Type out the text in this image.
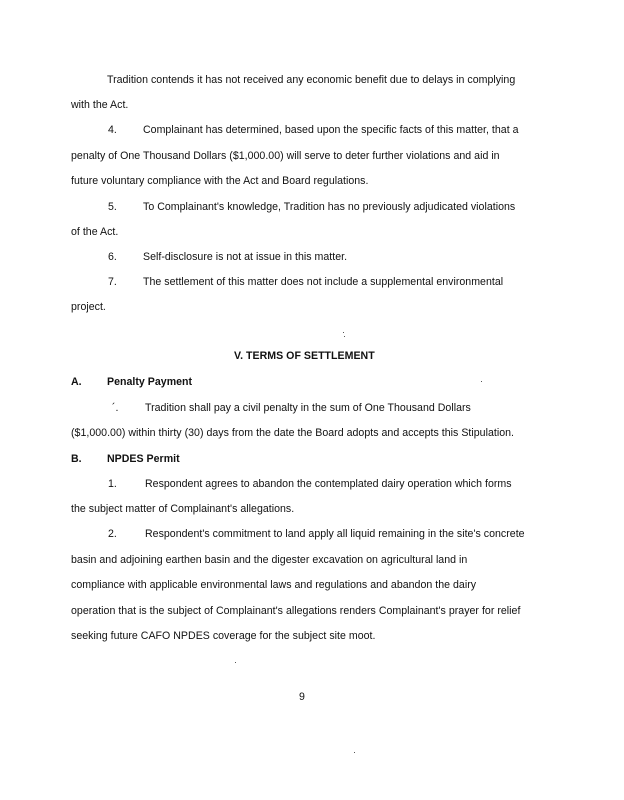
Tradition contends it has not received any economic benefit due to delays in complying
with the Act.
4. Complainant has determined, based upon the specific facts of this matter, that a
penalty of One Thousand Dollars ($1,000.00) will serve to deter further violations and aid in
future voluntary compliance with the Act and Board regulations.
5. To Complainant's knowledge, Tradition has no previously adjudicated violations
of the Act.
6. Self-disclosure is not at issue in this matter.
7. The settlement of this matter does not include a supplemental environmental
project.
V. TERMS OF SETTLEMENT
A. Penalty Payment
´.	Tradition shall pay a civil penalty in the sum of One Thousand Dollars
($1,000.00) within thirty (30) days from the date the Board adopts and accepts this Stipulation.
B. NPDES Permit
1.	Respondent agrees to abandon the contemplated dairy operation which forms
the subject matter of Complainant's allegations.
2.	Respondent's commitment to land apply all liquid remaining in the site's concrete
basin and adjoining earthen basin and the digester excavation on agricultural land in
compliance with applicable environmental laws and regulations and abandon the dairy
operation that is the subject of Complainant's allegations renders Complainant's prayer for relief
seeking future CAFO NPDES coverage for the subject site moot.
9
